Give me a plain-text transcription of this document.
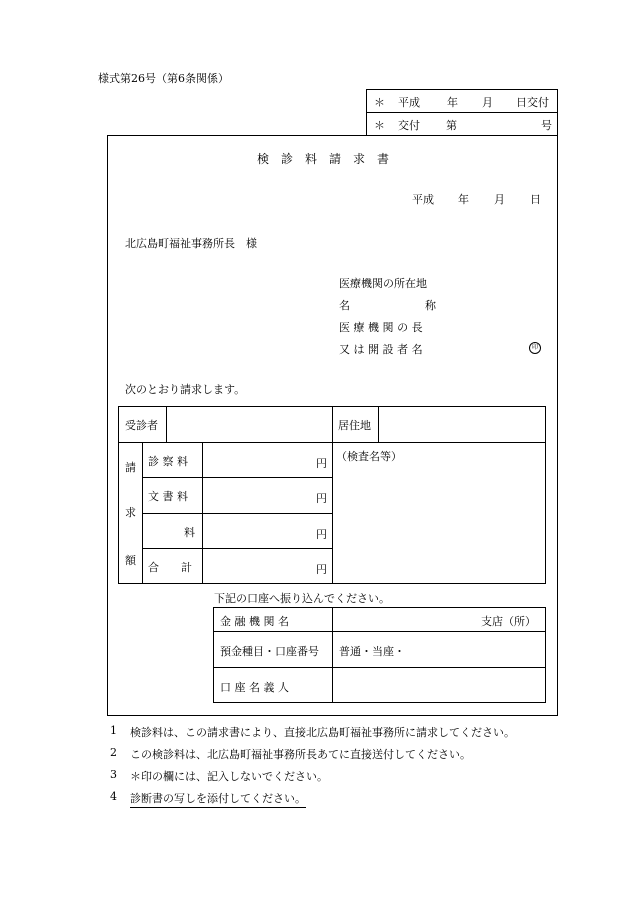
様式第26号（第6条関係）
＊ 平成 年 月 日交付
＊ 交付 第	号
検　診　料　請　求　書
平成 年 月 日
北広島町福祉事務所長　様
医療機関の所在地
名	称
医療機関の長
又は開設者名	印
次のとおり請求します。
受診者	居住地
請
求
額
診 察 料	円
文 書 料	円
料	円
合　　計	円
（検査名等）
下記の口座へ振り込んでください。
金 融 機 関 名	支店（所）
預金種目・口座番号 普通・当座・
口 座 名 義 人
1 検診料は、この請求書により、直接北広島町福祉事務所に請求してください。
2 この検診料は、北広島町福祉事務所長あてに直接送付してください。
3 ＊印の欄には、記入しないでください。
4 診断書の写しを添付してください。
